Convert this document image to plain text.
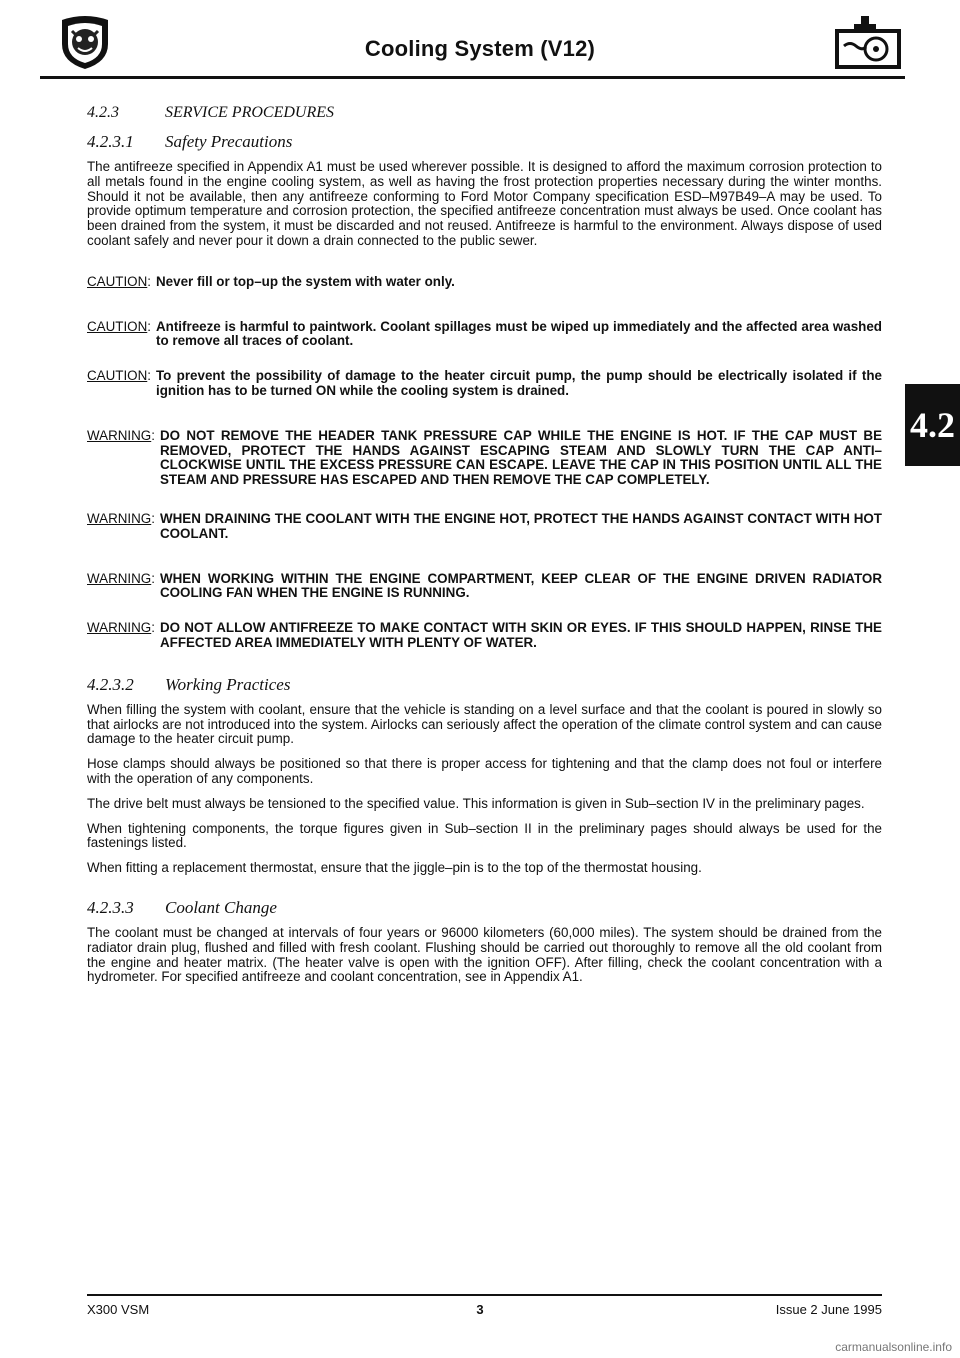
Cooling System (V12)
4.2
4.2.3	SERVICE PROCEDURES
4.2.3.1 Safety Precautions

The antifreeze specified in Appendix A1 must be used wherever possible. It is designed to afford the maximum corrosion protection to all metals found in the engine cooling system, as well as having the frost protection properties necessary during the winter months. Should it not be available, then any antifreeze conforming to Ford Motor Company specification ESD–M97B49–A may be used. To provide optimum temperature and corrosion protection, the specified antifreeze concentration must always be used. Once coolant has been drained from the system, it must be discarded and not reused. Antifreeze is harmful to the environment. Always dispose of used coolant safely and never pour it down a drain connected to the public sewer.

CAUTION: Never fill or top–up the system with water only.
CAUTION: Antifreeze is harmful to paintwork. Coolant spillages must be wiped up immediately and the affected area washed to remove all traces of coolant.
CAUTION: To prevent the possibility of damage to the heater circuit pump, the pump should be electrically isolated if the ignition has to be turned ON while the cooling system is drained.
WARNING: DO NOT REMOVE THE HEADER TANK PRESSURE CAP WHILE THE ENGINE IS HOT. IF THE CAP MUST BE REMOVED, PROTECT THE HANDS AGAINST ESCAPING STEAM AND SLOWLY TURN THE CAP ANTI–CLOCKWISE UNTIL THE EXCESS PRESSURE CAN ESCAPE. LEAVE THE CAP IN THIS POSITION UNTIL ALL THE STEAM AND PRESSURE HAS ESCAPED AND THEN REMOVE THE CAP COMPLETELY.
WARNING: WHEN DRAINING THE COOLANT WITH THE ENGINE HOT, PROTECT THE HANDS AGAINST CONTACT WITH HOT COOLANT.
WARNING: WHEN WORKING WITHIN THE ENGINE COMPARTMENT, KEEP CLEAR OF THE ENGINE DRIVEN RADIATOR COOLING FAN WHEN THE ENGINE IS RUNNING.
WARNING: DO NOT ALLOW ANTIFREEZE TO MAKE CONTACT WITH SKIN OR EYES. IF THIS SHOULD HAPPEN, RINSE THE AFFECTED AREA IMMEDIATELY WITH PLENTY OF WATER.
4.2.3.2 Working Practices

When filling the system with coolant, ensure that the vehicle is standing on a level surface and that the coolant is poured in slowly so that airlocks are not introduced into the system. Airlocks can seriously affect the operation of the climate control system and can cause damage to the heater circuit pump.

Hose clamps should always be positioned so that there is proper access for tightening and that the clamp does not foul or interfere with the operation of any components.

The drive belt must always be tensioned to the specified value. This information is given in Sub–section IV in the preliminary pages.

When tightening components, the torque figures given in Sub–section II in the preliminary pages should always be used for the fastenings listed.

When fitting a replacement thermostat, ensure that the jiggle–pin is to the top of the thermostat housing.

4.2.3.3 Coolant Change

The coolant must be changed at intervals of four years or 96000 kilometers (60,000 miles). The system should be drained from the radiator drain plug, flushed and filled with fresh coolant. Flushing should be carried out thoroughly to remove all the old coolant from the engine and heater matrix. (The heater valve is open with the ignition OFF). After filling, check the coolant concentration with a hydrometer. For specified antifreeze and coolant concentration, see in Appendix A1.

X300 VSM	3	Issue 2 June 1995
carmanualsonline.info
